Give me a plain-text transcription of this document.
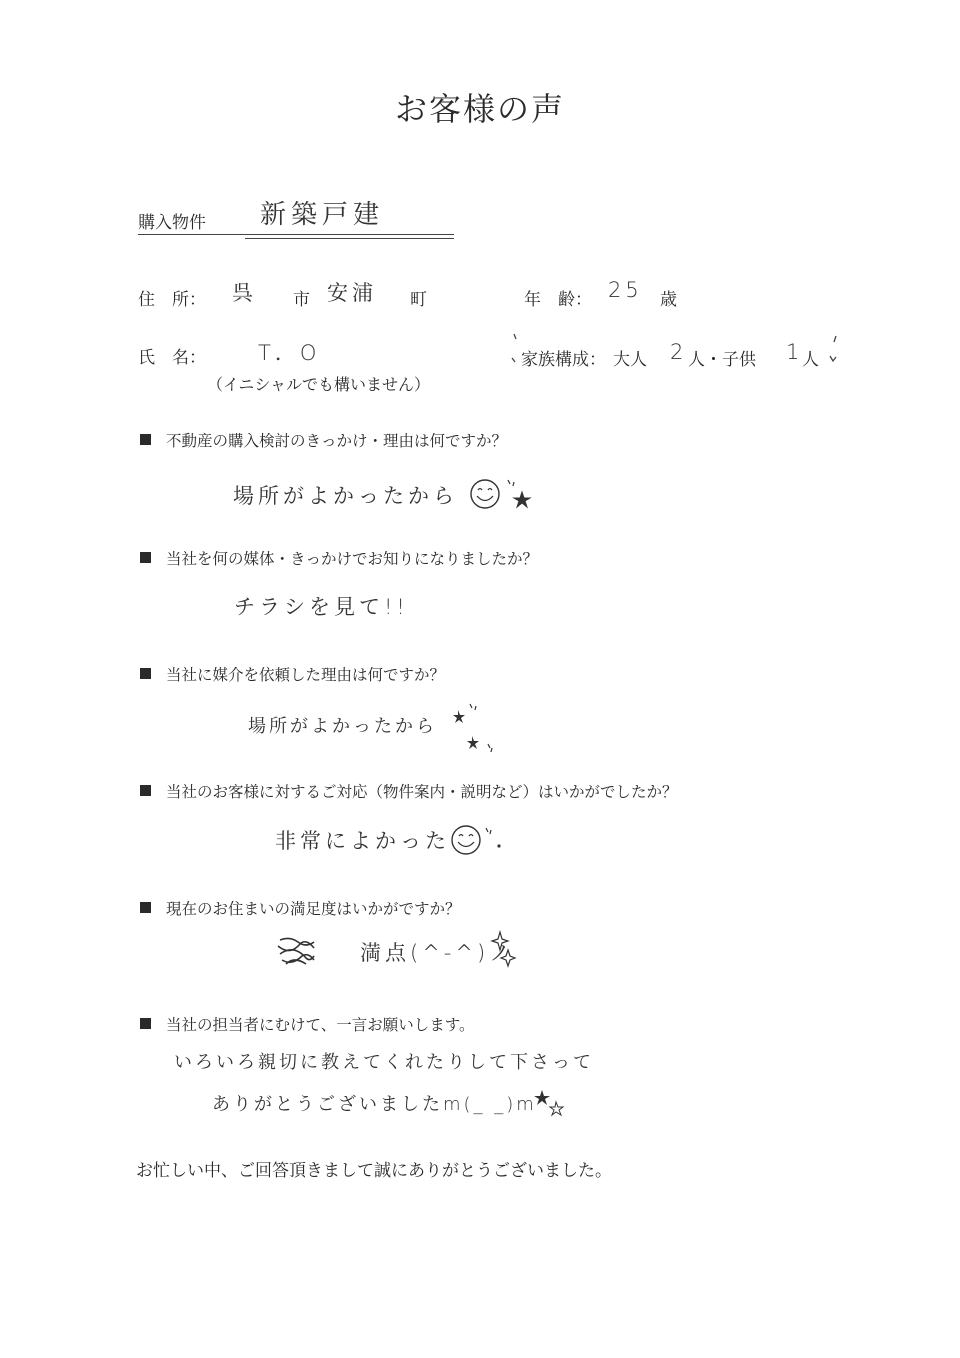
お客様の声
購入物件 新築戸建
住　所： 呉 市 安浦 町	年　齢： 25 歳
氏　名： T．O
（イニシャルでも構いません）
家族構成： 大人 2 人・子供 1
人
不動産の購入検討のきっかけ・理由は何ですか？
場所がよかったから
当社を何の媒体・きっかけでお知りになりましたか？
チラシを見て!!
当社に媒介を依頼した理由は何ですか？
場所がよかったから
当社のお客様に対するご対応（物件案内・説明など）はいかがでしたか？
非常によかった
現在のお住まいの満足度はいかがですか？
満点(^-^)ノ
当社の担当者にむけて、一言お願いします。
いろいろ親切に教えてくれたりして下さって
ありがとうございましたm(_ _)m
お忙しい中、ご回答頂きまして誠にありがとうございました。
